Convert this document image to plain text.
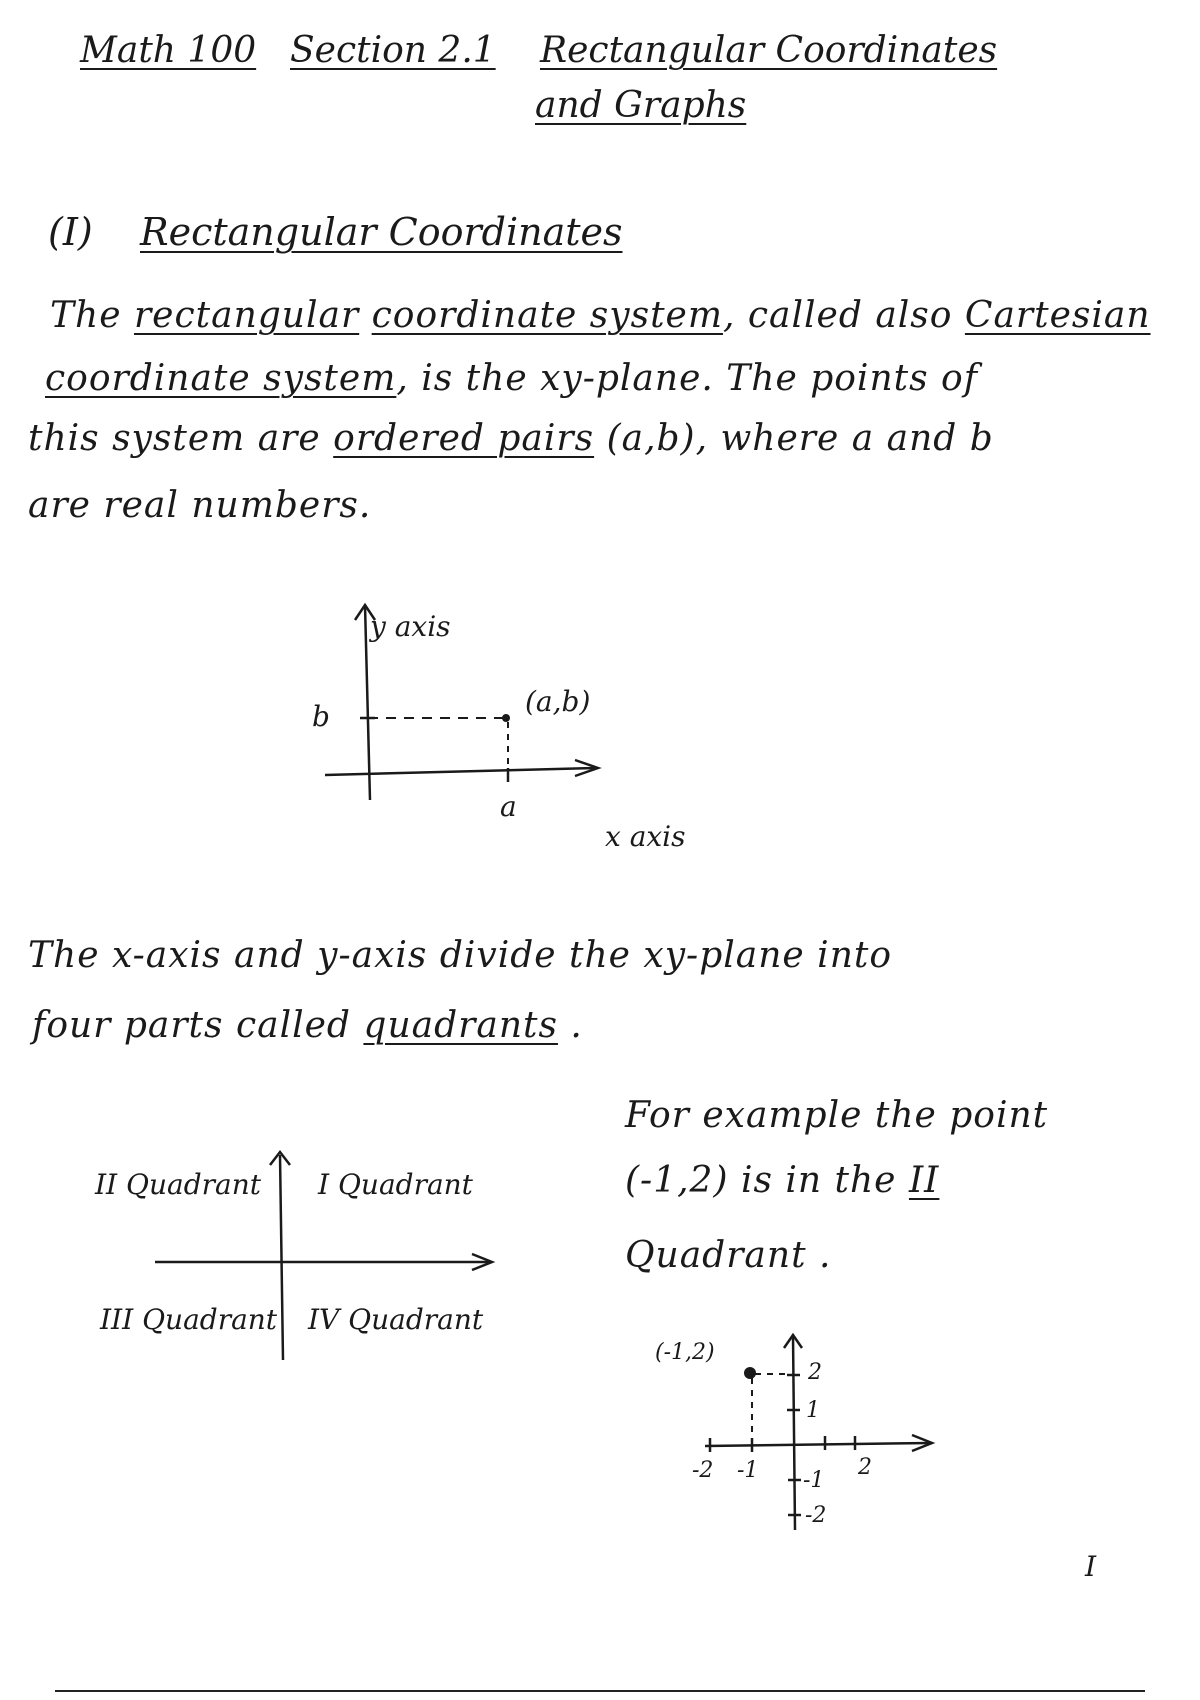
Math 100 Section 2.1 Rectangular Coordinates
and Graphs
(I) Rectangular Coordinates
The rectangular coordinate system, called also Cartesian
coordinate system, is the xy-plane. The points of
this system are ordered pairs (a,b), where a and b
are real numbers.
y axis
(a,b)
b
a
x axis
The x-axis and y-axis divide the xy-plane into
four parts called quadrants .
II Quadrant I Quadrant
III Quadrant IV Quadrant
For example the point
(-1,2) is in the II
Quadrant .
(-1,2)
-2 -1	2
2
1
-1
-2
I
